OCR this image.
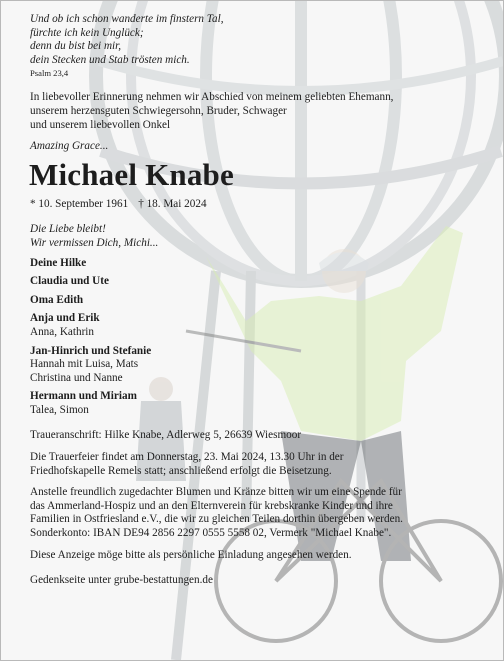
Und ob ich schon wanderte im finstern Tal,
fürchte ich kein Unglück;
denn du bist bei mir,
dein Stecken und Stab trösten mich.

Psalm 23,4

In liebevoller Erinnerung nehmen wir Abschied von meinem geliebten Ehemann,
unserem herzensguten Schwiegersohn, Bruder, Schwager
und unserem liebevollen Onkel

Amazing Grace...

Michael Knabe

* 10. September 1961 † 18. Mai 2024

Die Liebe bleibt!
Wir vermissen Dich, Michi...

Deine Hilke

Claudia und Ute

Oma Edith

Anja und Erik

Anna, Kathrin

Jan-Hinrich und Stefanie

Hannah mit Luisa, Mats

Christina und Nanne

Hermann und Miriam

Talea, Simon

Traueranschrift: Hilke Knabe, Adlerweg 5, 26639 Wiesmoor

Die Trauerfeier findet am Donnerstag, 23. Mai 2024, 13.30 Uhr in der
Friedhofskapelle Remels statt; anschließend erfolgt die Beisetzung.

Anstelle freundlich zugedachter Blumen und Kränze bitten wir um eine Spende für
das Ammerland-Hospiz und an den Elternverein für krebskranke Kinder und ihre
Familien in Ostfriesland e.V., die wir zu gleichen Teilen dorthin übergeben werden.
Sonderkonto: IBAN DE94 2856 2297 0555 5558 02, Vermerk "Michael Knabe".

Diese Anzeige möge bitte als persönliche Einladung angesehen werden.

Gedenkseite unter grube-bestattungen.de
